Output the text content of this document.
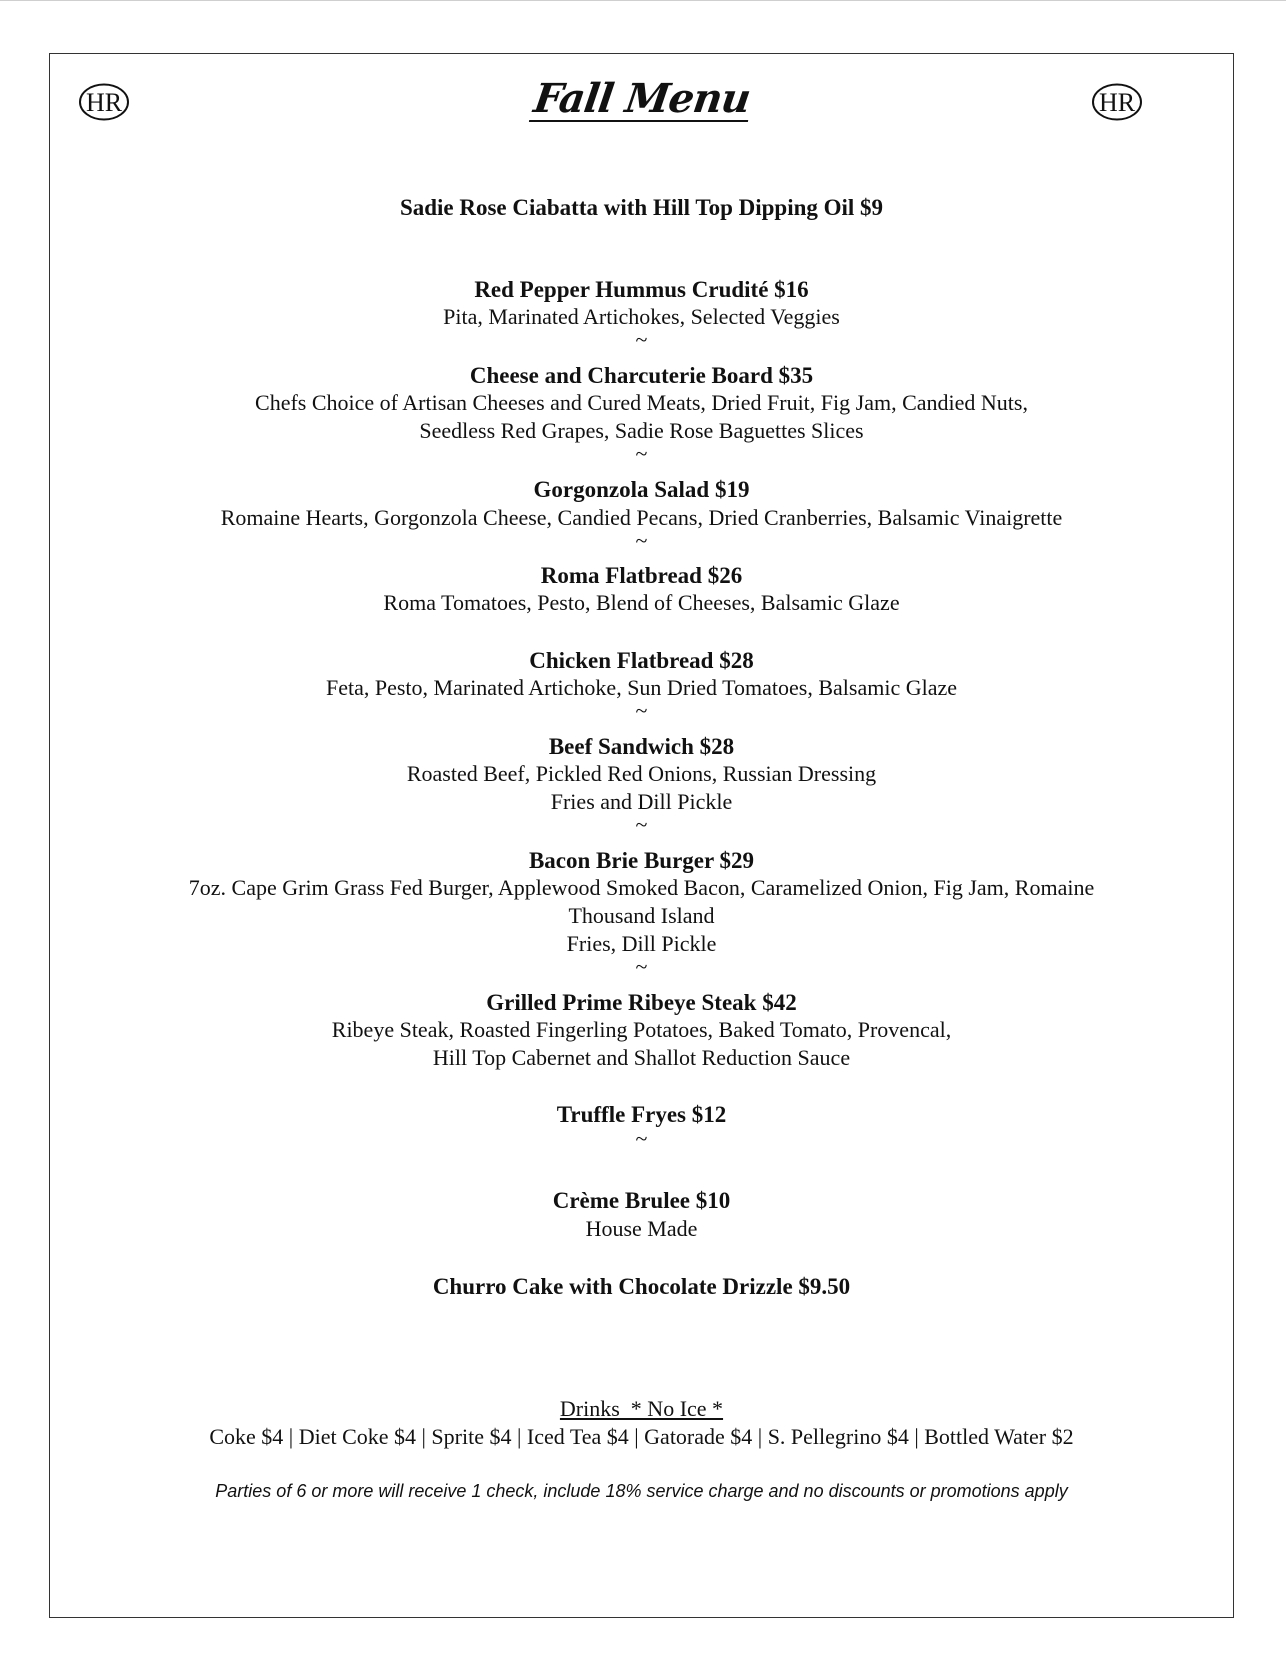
HR	HR
Fall Menu
Sadie Rose Ciabatta with Hill Top Dipping Oil $9
Red Pepper Hummus Crudité $16
Pita, Marinated Artichokes, Selected Veggies
~
Cheese and Charcuterie Board $35
Chefs Choice of Artisan Cheeses and Cured Meats, Dried Fruit, Fig Jam, Candied Nuts,
Seedless Red Grapes, Sadie Rose Baguettes Slices
~
Gorgonzola Salad $19
Romaine Hearts, Gorgonzola Cheese, Candied Pecans, Dried Cranberries, Balsamic Vinaigrette
~
Roma Flatbread $26
Roma Tomatoes, Pesto, Blend of Cheeses, Balsamic Glaze
Chicken Flatbread $28
Feta, Pesto, Marinated Artichoke, Sun Dried Tomatoes, Balsamic Glaze
~
Beef Sandwich $28
Roasted Beef, Pickled Red Onions, Russian Dressing
Fries and Dill Pickle
~
Bacon Brie Burger $29
7oz. Cape Grim Grass Fed Burger, Applewood Smoked Bacon, Caramelized Onion, Fig Jam, Romaine
Thousand Island
Fries, Dill Pickle
~
Grilled Prime Ribeye Steak $42
Ribeye Steak, Roasted Fingerling Potatoes, Baked Tomato, Provencal,
Hill Top Cabernet and Shallot Reduction Sauce
Truffle Fryes $12
~
Crème Brulee $10
House Made
Churro Cake with Chocolate Drizzle $9.50
Drinks  * No Ice *
Coke $4 | Diet Coke $4 | Sprite $4 | Iced Tea $4 | Gatorade $4 | S. Pellegrino $4 | Bottled Water $2
Parties of 6 or more will receive 1 check, include 18% service charge and no discounts or promotions apply
